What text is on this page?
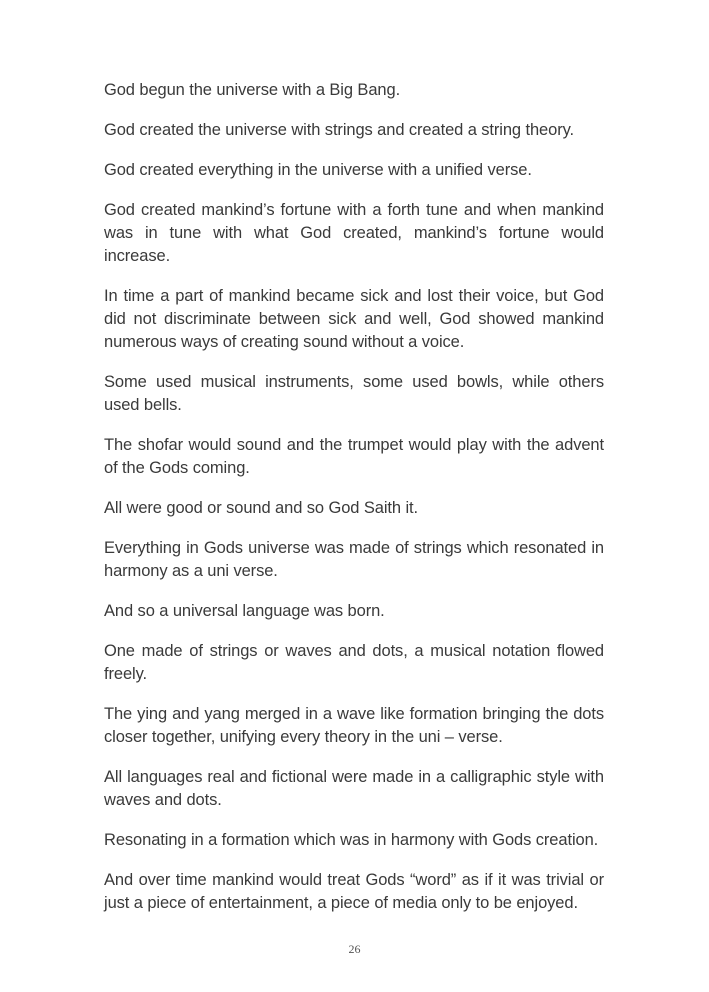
God begun the universe with a Big Bang.

God created the universe with strings and created a string theory.

God created everything in the universe with a unified verse.

God created mankind’s fortune with a forth tune and when mankind was in tune with what God created, mankind’s fortune would increase.

In time a part of mankind became sick and lost their voice, but God did not discriminate between sick and well, God showed mankind numerous ways of creating sound without a voice.

Some used musical instruments, some used bowls, while others used bells.

The shofar would sound and the trumpet would play with the advent of the Gods coming.

All were good or sound and so God Saith it.

Everything in Gods universe was made of strings which resonated in harmony as a uni verse.

And so a universal language was born.

One made of strings or waves and dots, a musical notation flowed freely.

The ying and yang merged in a wave like formation bringing the dots closer together, unifying every theory in the uni – verse.

All languages real and fictional were made in a calligraphic style with waves and dots.

Resonating in a formation which was in harmony with Gods creation.

And over time mankind would treat Gods “word” as if it was trivial or just a piece of entertainment, a piece of media only to be enjoyed.

26
